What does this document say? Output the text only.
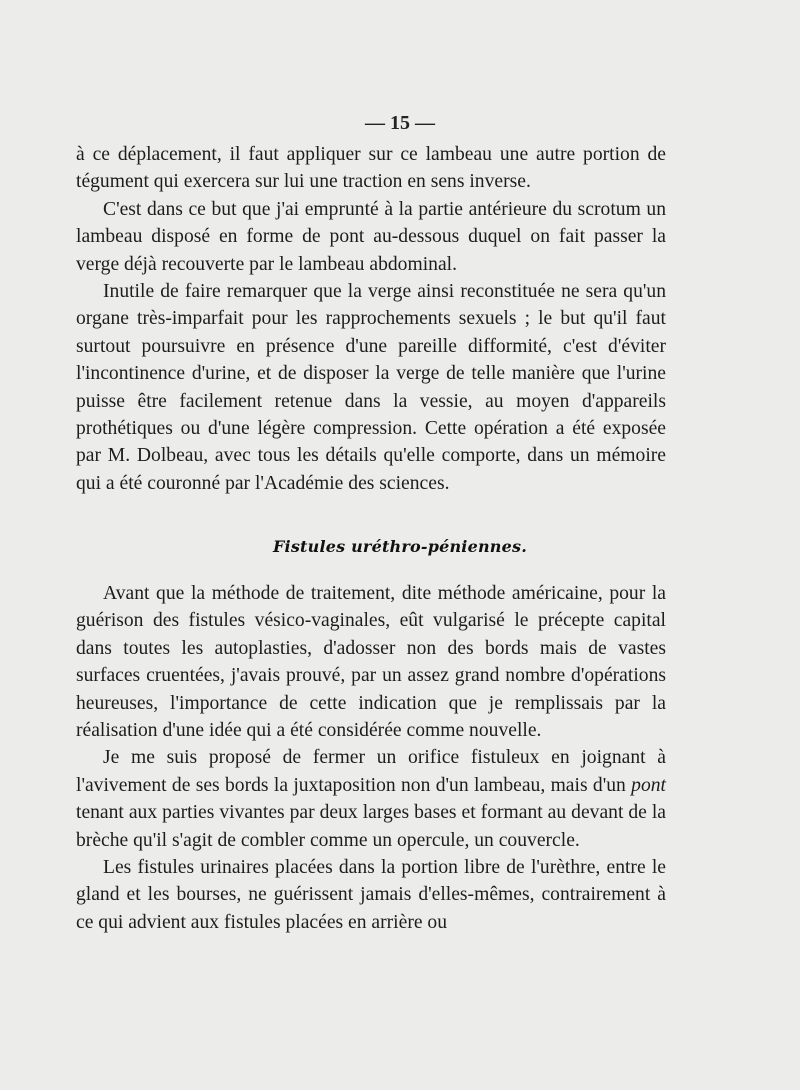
— 15 —

à ce déplacement, il faut appliquer sur ce lambeau une autre portion de tégument qui exercera sur lui une traction en sens inverse.

C'est dans ce but que j'ai emprunté à la partie antérieure du scrotum un lambeau disposé en forme de pont au-dessous duquel on fait passer la verge déjà recouverte par le lambeau abdominal.

Inutile de faire remarquer que la verge ainsi reconstituée ne sera qu'un organe très-imparfait pour les rapprochements sexuels ; le but qu'il faut surtout poursuivre en présence d'une pareille difformité, c'est d'éviter l'incontinence d'urine, et de disposer la verge de telle manière que l'urine puisse être facilement retenue dans la vessie, au moyen d'appareils prothétiques ou d'une légère compression. Cette opération a été exposée par M. Dolbeau, avec tous les détails qu'elle comporte, dans un mémoire qui a été couronné par l'Académie des sciences.

Fistules uréthro-péniennes.

Avant que la méthode de traitement, dite méthode américaine, pour la guérison des fistules vésico-vaginales, eût vulgarisé le précepte capital dans toutes les autoplasties, d'adosser non des bords mais de vastes surfaces cruentées, j'avais prouvé, par un assez grand nombre d'opérations heureuses, l'importance de cette indication que je remplissais par la réalisation d'une idée qui a été considérée comme nouvelle.

Je me suis proposé de fermer un orifice fistuleux en joignant à l'avivement de ses bords la juxtaposition non d'un lambeau, mais d'un pont tenant aux parties vivantes par deux larges bases et formant au devant de la brèche qu'il s'agit de combler comme un opercule, un couvercle.

Les fistules urinaires placées dans la portion libre de l'urèthre, entre le gland et les bourses, ne guérissent jamais d'elles-mêmes, contrairement à ce qui advient aux fistules placées en arrière ou
